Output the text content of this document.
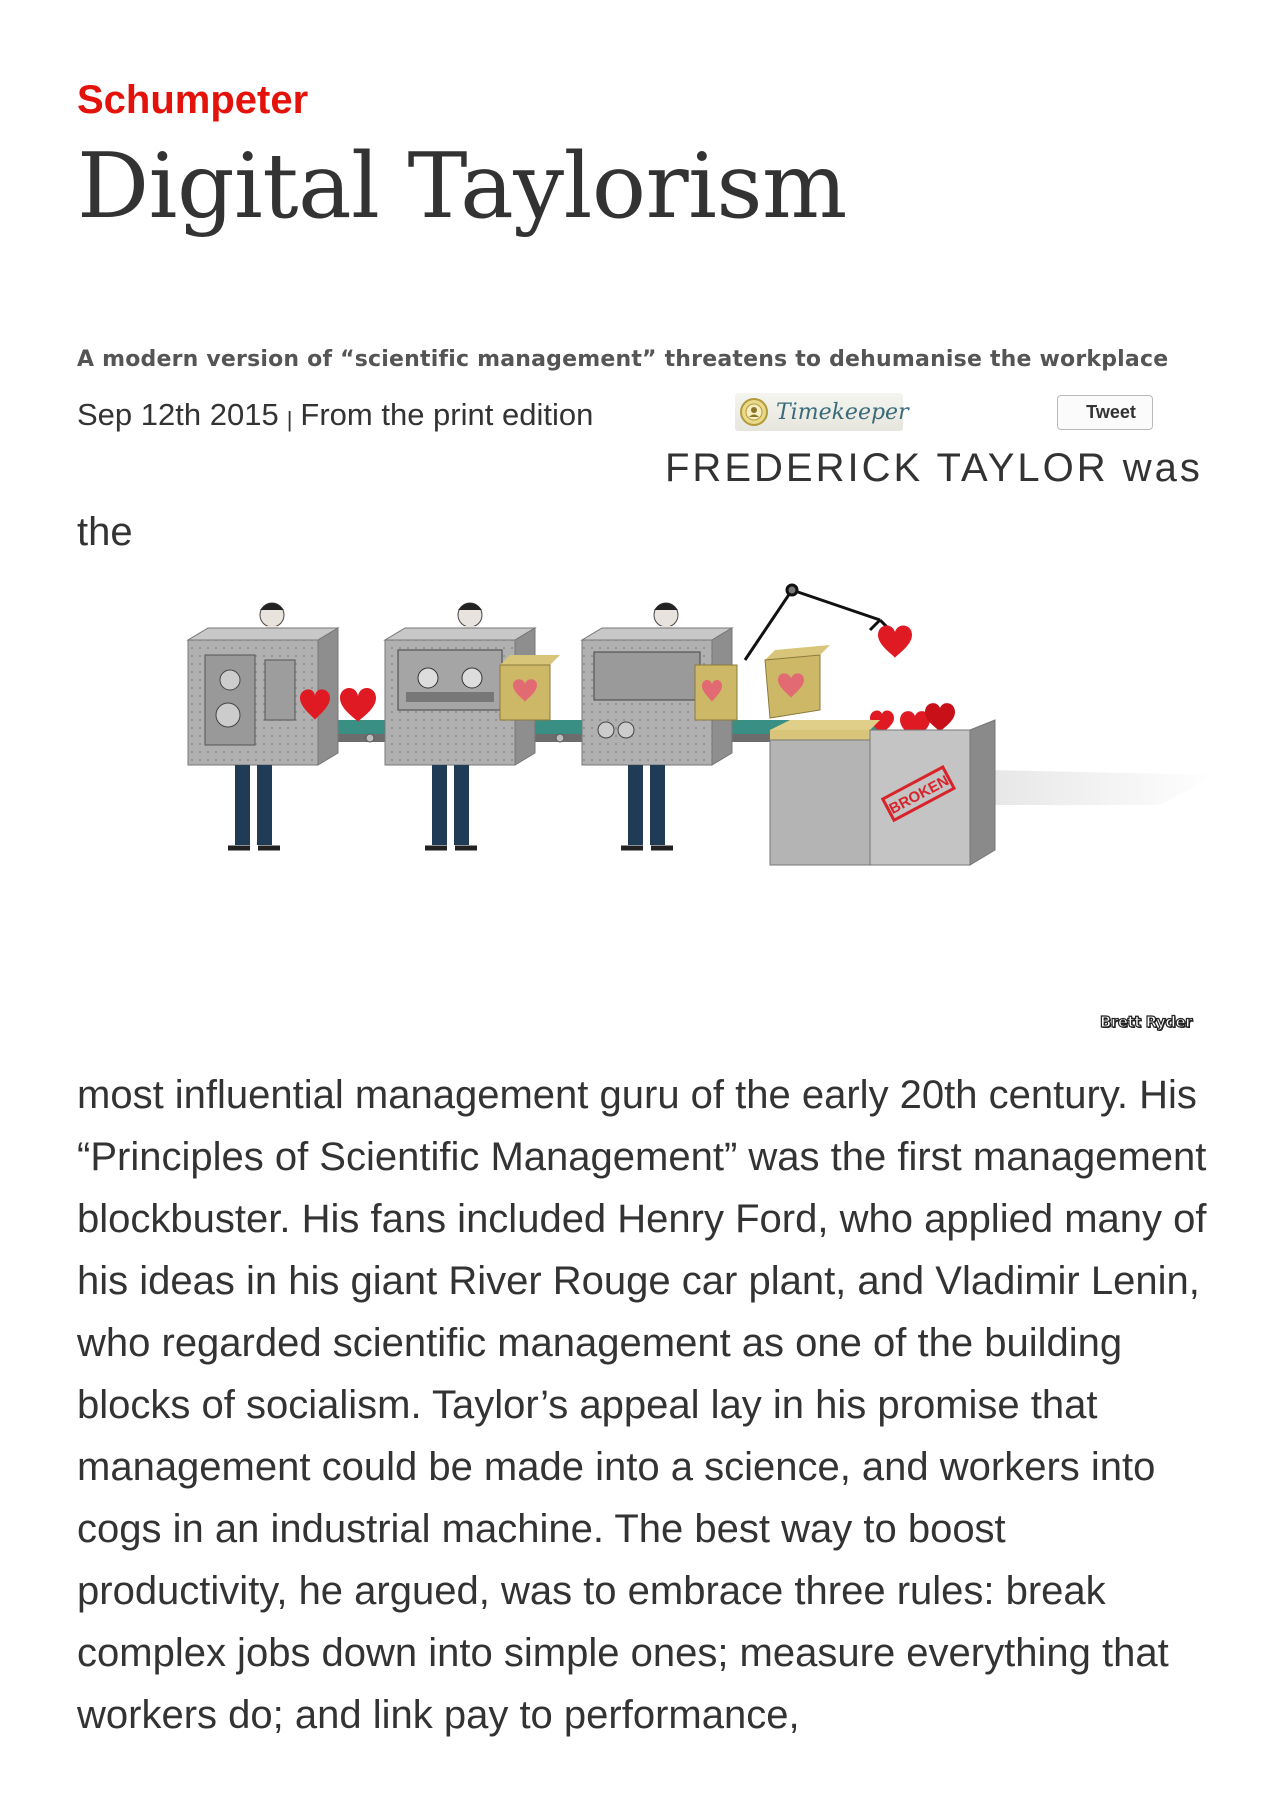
Schumpeter
Digital Taylorism

A modern version of “scientific management” threatens to dehumanise the workplace

Sep 12th 2015 | From the print edition	Timekeeper	Tweet
FREDERICK TAYLOR was
the
BROKEN
Brett Ryder

most influential management guru of the early 20th century. His “Principles of Scientific Management” was the first management blockbuster. His fans included Henry Ford, who applied many of his ideas in his giant River Rouge car plant, and Vladimir Lenin, who regarded scientific management as one of the building blocks of socialism. Taylor’s appeal lay in his promise that management could be made into a science, and workers into cogs in an industrial machine. The best way to boost productivity, he argued, was to embrace three rules: break complex jobs down into simple ones; measure everything that workers do; and link pay to performance,
